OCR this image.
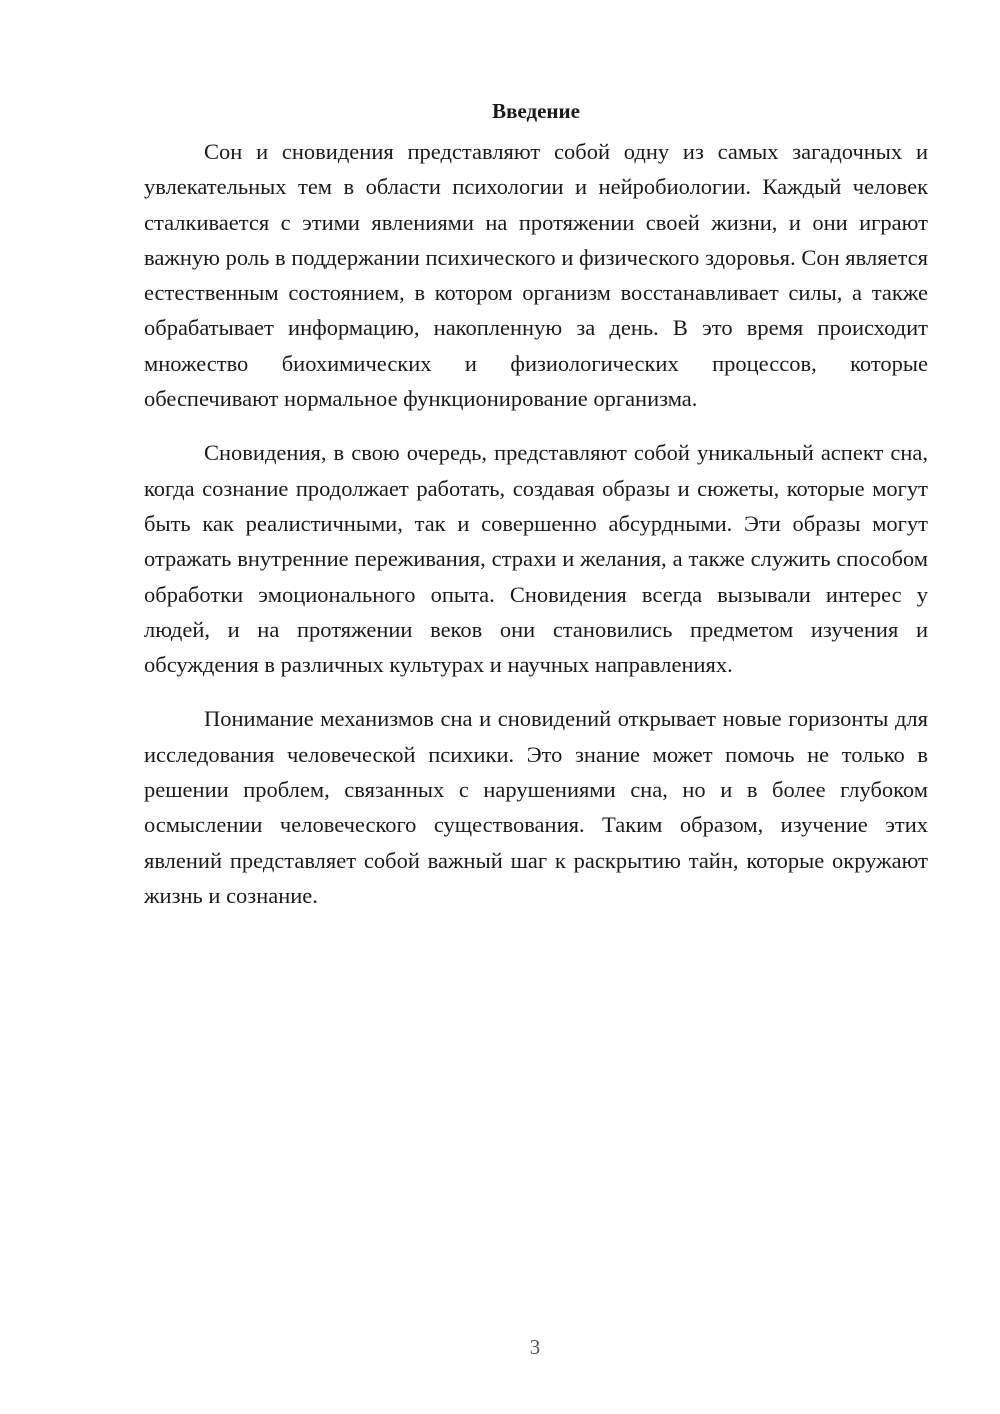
Введение

Сон и сновидения представляют собой одну из самых загадочных и увлекательных тем в области психологии и нейробиологии. Каждый человек сталкивается с этими явлениями на протяжении своей жизни, и они играют важную роль в поддержании психического и физического здоровья. Сон является естественным состоянием, в котором организм восстанавливает силы, а также обрабатывает информацию, накопленную за день. В это время происходит множество биохимических и физиологических процессов, которые обеспечивают нормальное функционирование организма.

Сновидения, в свою очередь, представляют собой уникальный аспект сна, когда сознание продолжает работать, создавая образы и сюжеты, которые могут быть как реалистичными, так и совершенно абсурдными. Эти образы могут отражать внутренние переживания, страхи и желания, а также служить способом обработки эмоционального опыта. Сновидения всегда вызывали интерес у людей, и на протяжении веков они становились предметом изучения и обсуждения в различных культурах и научных направлениях.

Понимание механизмов сна и сновидений открывает новые горизонты для исследования человеческой психики. Это знание может помочь не только в решении проблем, связанных с нарушениями сна, но и в более глубоком осмыслении человеческого существования. Таким образом, изучение этих явлений представляет собой важный шаг к раскрытию тайн, которые окружают жизнь и сознание.

3
